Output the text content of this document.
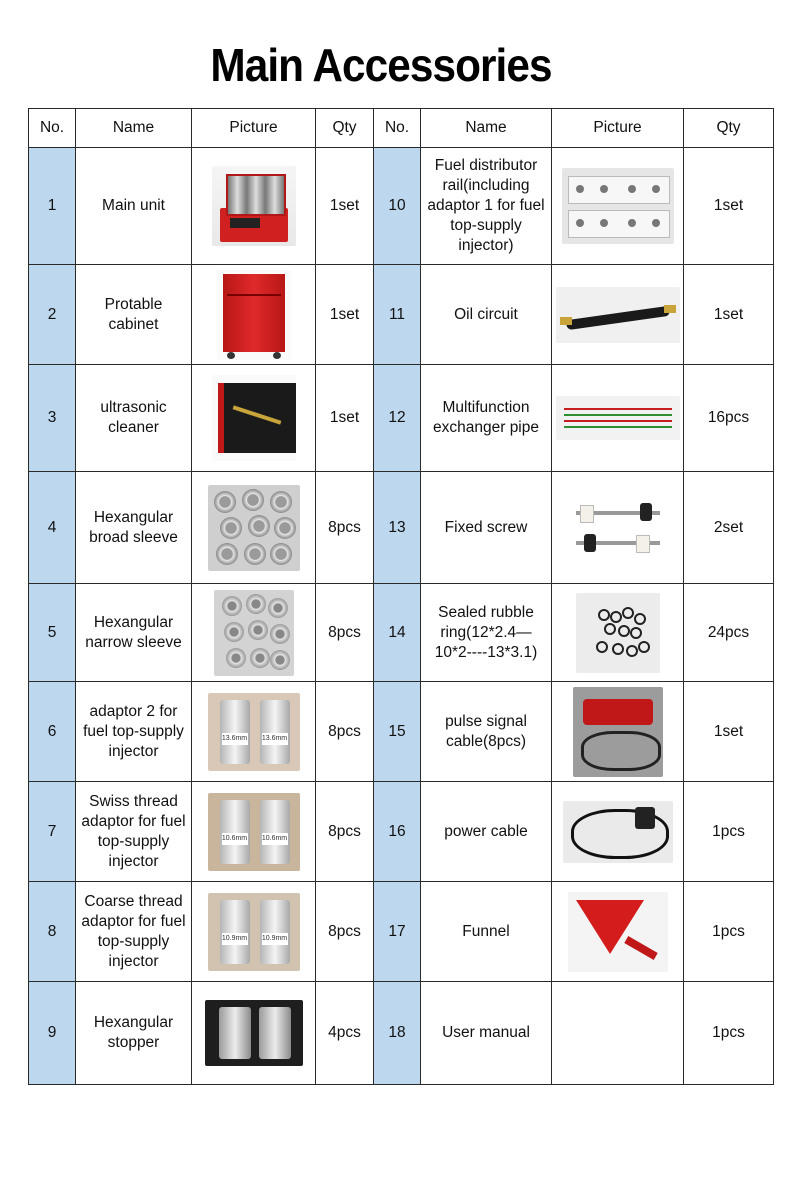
Main Accessories
No.	Name	Picture	Qty	No.	Name	Picture	Qty
1	Main unit		1set	10	Fuel distributor rail(including adaptor 1 for fuel top-supply injector)		1set
2	Protable cabinet		1set	11	Oil circuit		1set
3	ultrasonic cleaner		1set	12	Multifunction exchanger pipe		16pcs
4	Hexangular broad sleeve		8pcs	13	Fixed screw		2set
5	Hexangular narrow sleeve		8pcs	14	Sealed rubble ring(12*2.4—10*2----13*3.1)		24pcs
6	adaptor 2 for fuel top-supply injector	13.6mm 13.6mm	8pcs	15	pulse signal cable(8pcs)		1set
7	Swiss thread adaptor for fuel top-supply injector	10.6mm 10.6mm	8pcs	16	power cable		1pcs
8	Coarse thread adaptor for fuel top-supply injector	10.9mm 10.9mm	8pcs	17	Funnel		1pcs
9	Hexangular stopper		4pcs	18	User manual		1pcs
